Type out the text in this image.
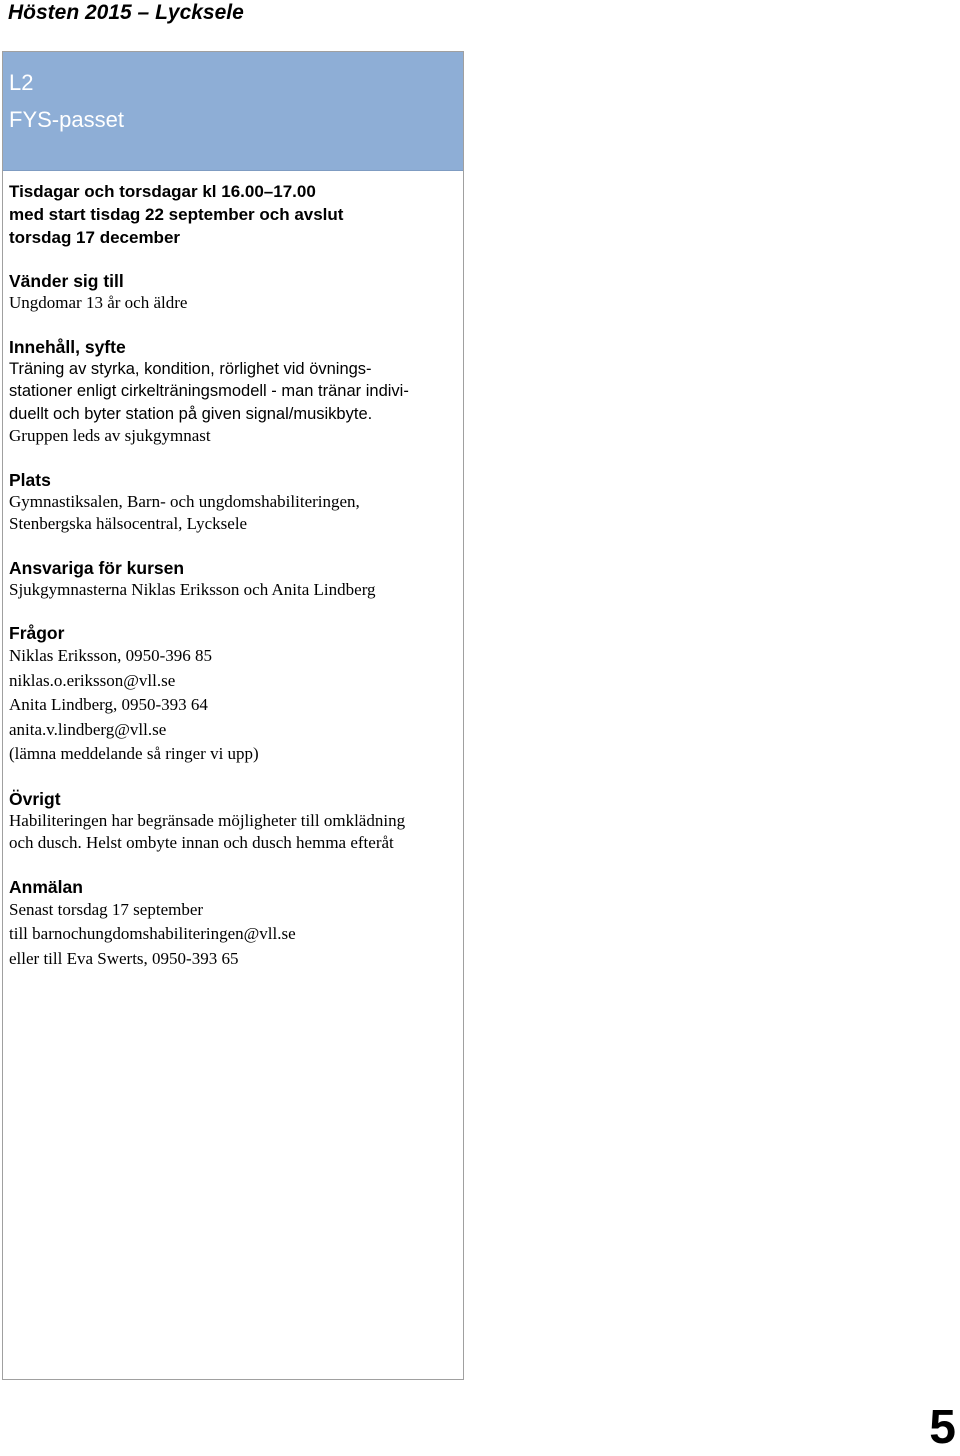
Hösten 2015 – Lycksele

L2

FYS-passet

Tisdagar och torsdagar kl 16.00–17.00

med start tisdag 22 september och avslut

torsdag 17 december

Vänder sig till

Ungdomar 13 år och äldre

Innehåll, syfte

Träning av styrka, kondition, rörlighet vid övnings-

stationer enligt cirkelträningsmodell - man tränar indivi-

duellt och byter station på given signal/musikbyte.

Gruppen leds av sjukgymnast

Plats

Gymnastiksalen, Barn- och ungdomshabiliteringen,

Stenbergska hälsocentral, Lycksele

Ansvariga för kursen

Sjukgymnasterna Niklas Eriksson och Anita Lindberg

Frågor

Niklas Eriksson, 0950-396 85

niklas.o.eriksson@vll.se

Anita Lindberg, 0950-393 64

anita.v.lindberg@vll.se

(lämna meddelande så ringer vi upp)

Övrigt

Habiliteringen har begränsade möjligheter till omklädning

och dusch. Helst ombyte innan och dusch hemma efteråt

Anmälan

Senast torsdag 17 september

till barnochungdomshabiliteringen@vll.se

eller till Eva Swerts, 0950-393 65

5
